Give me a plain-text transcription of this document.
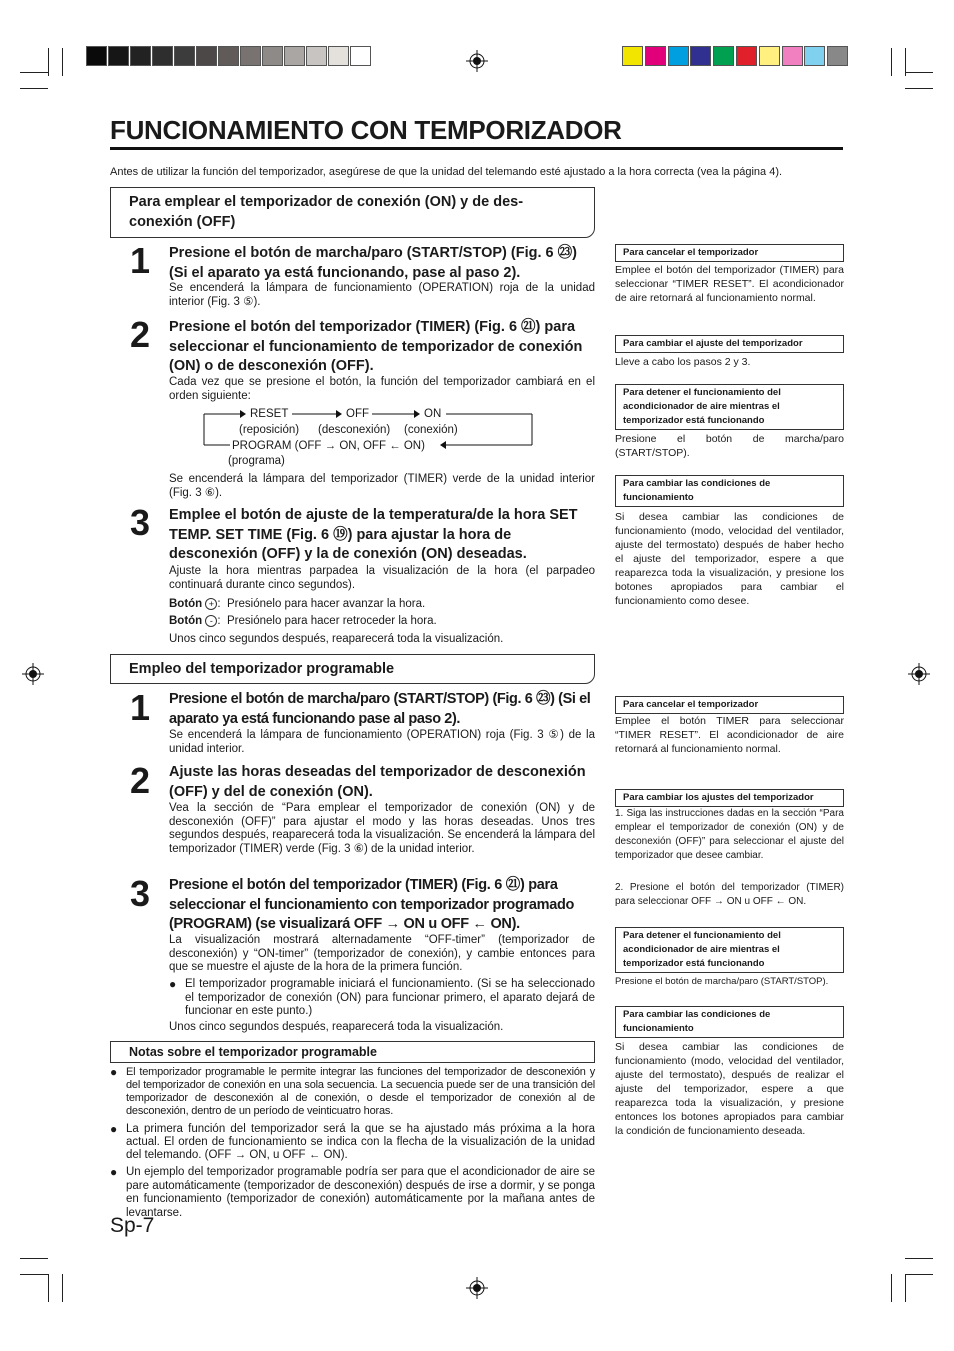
FUNCIONAMIENTO CON TEMPORIZADOR
Antes de utilizar la función del temporizador, asegúrese de que la unidad del telemando esté ajustado a la hora correcta (vea la página 4).
Para emplear el temporizador de conexión (ON) y de des-
conexión (OFF)
1 Presione el botón de marcha/paro (START/STOP) (Fig. 6 ㉓) (Si el aparato ya está funcionando, pase al paso 2).
Se encenderá la lámpara de funcionamiento (OPERATION) roja de la unidad interior (Fig. 3 ⑤).
2 Presione el botón del temporizador (TIMER) (Fig. 6 ㉑) para seleccionar el funcionamiento de temporizador de conexión (ON) o de desconexión (OFF).
Cada vez que se presione el botón, la función del temporizador cambiará en el orden siguiente:
RESET	OFF	ON
(reposición) (desconexión) (conexión)
PROGRAM (OFF → ON, OFF ← ON)
(programa)
Se encenderá la lámpara del temporizador (TIMER) verde de la unidad interior (Fig. 3 ⑥).
3 Emplee el botón de ajuste de la temperatura/de la hora SET TEMP. SET TIME (Fig. 6 ⑲) para ajustar la hora de desconexión (OFF) y la de conexión (ON) deseadas.
Ajuste la hora mientras parpadea la visualización de la hora (el parpadeo continuará durante cinco segundos).
Botón + :  Presiónelo para hacer avanzar la hora.
Botón - :  Presiónelo para hacer retroceder la hora.
Unos cinco segundos después, reaparecerá toda la visualización.
Empleo del temporizador programable
1 Presione el botón de marcha/paro (START/STOP) (Fig. 6 ㉓) (Si el aparato ya está funcionando pase al paso 2).
Se encenderá la lámpara de funcionamiento (OPERATION) roja (Fig. 3 ⑤) de la unidad interior.
2 Ajuste las horas deseadas del temporizador de desconexión (OFF) y del de conexión (ON).
Vea la sección de “Para emplear el temporizador de conexión (ON) y de desconexión (OFF)” para ajustar el modo y las horas deseadas. Unos tres segundos después, reaparecerá toda la visualización. Se encenderá la lámpara del temporizador (TIMER) verde (Fig. 3 ⑥) de la unidad interior.
3 Presione el botón del temporizador (TIMER) (Fig. 6 ㉑) para seleccionar el funcionamiento con temporizador programado (PROGRAM) (se visualizará OFF → ON u OFF ← ON).
La visualización mostrará alternadamente “OFF-timer” (temporizador de desconexión) y “ON-timer” (temporizador de conexión), y cambie entonces para que se muestre el ajuste de la hora de la primera función.
● El temporizador programable iniciará el funcionamiento. (Si se ha seleccionado el temporizador de conexión (ON) para funcionar primero, el aparato dejará de funcionar en este punto.)
Unos cinco segundos después, reaparecerá toda la visualización.
Notas sobre el temporizador programable
● El temporizador programable le permite integrar las funciones del temporizador de desconexión y del temporizador de conexión en una sola secuencia. La secuencia puede ser de una transición del temporizador de desconexión al de conexión, o desde el temporizador de conexión al de desconexión, dentro de un período de veinticuatro horas.
● La primera función del temporizador será la que se ha ajustado más próxima a la hora actual. El orden de funcionamiento se indica con la flecha de la visualización de la unidad del telemando. (OFF → ON, u OFF ← ON).
● Un ejemplo del temporizador programable podría ser para que el acondicionador de aire se pare automáticamente (temporizador de desconexión) después de irse a dormir, y se ponga en funcionamiento (temporizador de conexión) automáticamente por la mañana antes de levantarse.
Para cancelar el temporizador
Emplee el botón del temporizador (TIMER) para seleccionar “TIMER RESET”. El acondicionador de aire retornará al funcionamiento normal.
Para cambiar el ajuste del temporizador
Lleve a cabo los pasos 2 y 3.
Para detener el funcionamiento del acondicionador de aire mientras el temporizador está funcionando
Presione el botón de marcha/paro (START/STOP).
Para cambiar las condiciones de funcionamiento
Si desea cambiar las condiciones de funcionamiento (modo, velocidad del ventilador, ajuste del termostato) después de haber hecho el ajuste del temporizador, espere a que reaparezca toda la visualización, y presione los botones apropiados para cambiar el funcionamiento como desee.
Para cancelar el temporizador
Emplee el botón TIMER para seleccionar “TIMER RESET”. El acondicionador de aire retornará al funcionamiento normal.
Para cambiar los ajustes del temporizador
1. Siga las instrucciones dadas en la sección “Para emplear el temporizador de conexión (ON) y de desconexión (OFF)” para seleccionar el ajuste del temporizador que desee cambiar.
2. Presione el botón del temporizador (TIMER) para seleccionar OFF → ON u OFF ← ON.
Para detener el funcionamiento del acondicionador de aire mientras el temporizador está funcionando
Presione el botón de marcha/paro (START/STOP).
Para cambiar las condiciones de funcionamiento
Si desea cambiar las condiciones de funcionamiento (modo, velocidad del ventilador, ajuste del termostato), después de realizar el ajuste del temporizador, espere a que reaparezca toda la visualización, y presione entonces los botones apropiados para cambiar la condición de funcionamiento deseada.
Sp-7
